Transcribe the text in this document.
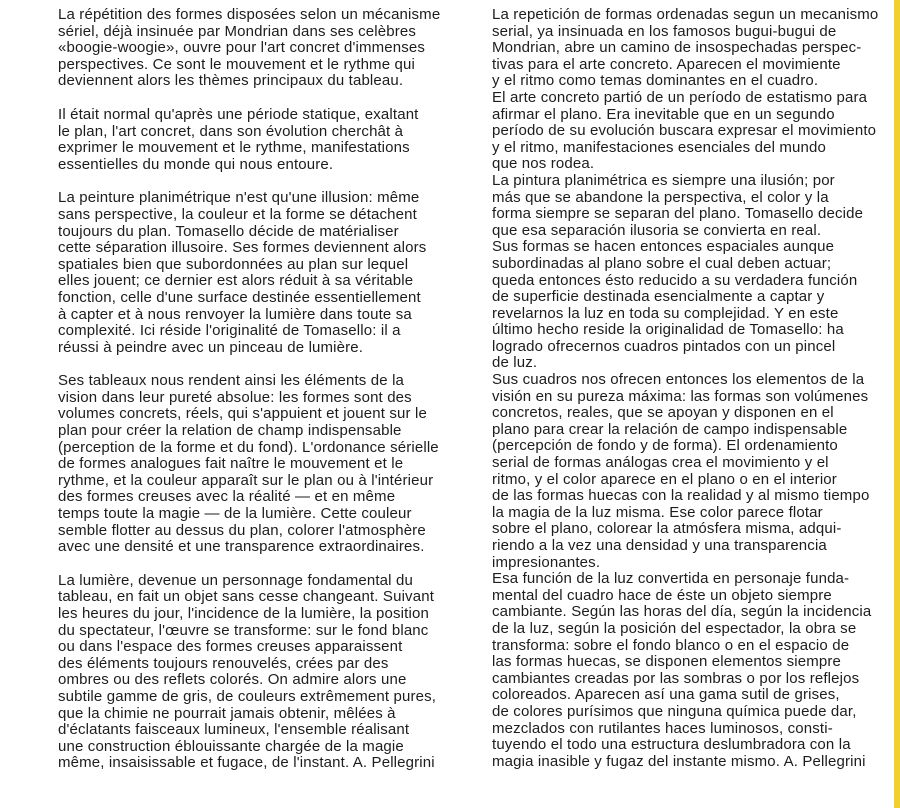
La répétition des formes disposées selon un mécanisme
sériel, déjà insinuée par Mondrian dans ses celèbres
«boogie-woogie», ouvre pour l'art concret d'immenses
perspectives. Ce sont le mouvement et le rythme qui
deviennent alors les thèmes principaux du tableau.

Il était normal qu'après une période statique, exaltant
le plan, l'art concret, dans son évolution cherchât à
exprimer le mouvement et le rythme, manifestations
essentielles du monde qui nous entoure.

La peinture planimétrique n'est qu'une illusion: même
sans perspective, la couleur et la forme se détachent
toujours du plan. Tomasello décide de matérialiser
cette séparation illusoire. Ses formes deviennent alors
spatiales bien que subordonnées au plan sur lequel
elles jouent; ce dernier est alors réduit à sa véritable
fonction, celle d'une surface destinée essentiellement
à capter et à nous renvoyer la lumière dans toute sa
complexité. Ici réside l'originalité de Tomasello: il a
réussi à peindre avec un pinceau de lumière.

Ses tableaux nous rendent ainsi les éléments de la
vision dans leur pureté absolue: les formes sont des
volumes concrets, réels, qui s'appuient et jouent sur le
plan pour créer la relation de champ indispensable
(perception de la forme et du fond). L'ordonance sérielle
de formes analogues fait naître le mouvement et le
rythme, et la couleur apparaît sur le plan ou à l'intérieur
des formes creuses avec la réalité — et en même
temps toute la magie — de la lumière. Cette couleur
semble flotter au dessus du plan, colorer l'atmosphère
avec une densité et une transparence extraordinaires.

La lumière, devenue un personnage fondamental du
tableau, en fait un objet sans cesse changeant. Suivant
les heures du jour, l'incidence de la lumière, la position
du spectateur, l'œuvre se transforme: sur le fond blanc
ou dans l'espace des formes creuses apparaissent
des éléments toujours renouvelés, crées par des
ombres ou des reflets colorés. On admire alors une
subtile gamme de gris, de couleurs extrêmement pures,
que la chimie ne pourrait jamais obtenir, mêlées à
d'éclatants faisceaux lumineux, l'ensemble réalisant
une construction éblouissante chargée de la magie
même, insaisissable et fugace, de l'instant. A. Pellegrini

La repetición de formas ordenadas segun un mecanismo
serial, ya insinuada en los famosos bugui-bugui de
Mondrian, abre un camino de insospechadas perspec-
tivas para el arte concreto. Aparecen el movimiente
y el ritmo como temas dominantes en el cuadro.

El arte concreto partió de un período de estatismo para
afirmar el plano. Era inevitable que en un segundo
período de su evolución buscara expresar el movimiento
y el ritmo, manifestaciones esenciales del mundo
que nos rodea.

La pintura planimétrica es siempre una ilusión; por
más que se abandone la perspectiva, el color y la
forma siempre se separan del plano. Tomasello decide
que esa separación ilusoria se convierta en real.

Sus formas se hacen entonces espaciales aunque
subordinadas al plano sobre el cual deben actuar;
queda entonces ésto reducido a su verdadera función
de superficie destinada esencialmente a captar y
revelarnos la luz en toda su complejidad. Y en este
último hecho reside la originalidad de Tomasello: ha
logrado ofrecernos cuadros pintados con un pincel
de luz.

Sus cuadros nos ofrecen entonces los elementos de la
visión en su pureza máxima: las formas son volúmenes
concretos, reales, que se apoyan y disponen en el
plano para crear la relación de campo indispensable
(percepción de fondo y de forma). El ordenamiento
serial de formas análogas crea el movimiento y el
ritmo, y el color aparece en el plano o en el interior
de las formas huecas con la realidad y al mismo tiempo
la magia de la luz misma. Ese color parece flotar
sobre el plano, colorear la atmósfera misma, adqui-
riendo a la vez una densidad y una transparencia
impresionantes.

Esa función de la luz convertida en personaje funda-
mental del cuadro hace de éste un objeto siempre
cambiante. Según las horas del día, según la incidencia
de la luz, según la posición del espectador, la obra se
transforma: sobre el fondo blanco o en el espacio de
las formas huecas, se disponen elementos siempre
cambiantes creadas por las sombras o por los reflejos
coloreados. Aparecen así una gama sutil de grises,
de colores purísimos que ninguna química puede dar,
mezclados con rutilantes haces luminosos, consti-
tuyendo el todo una estructura deslumbradora con la
magia inasible y fugaz del instante mismo. A. Pellegrini
